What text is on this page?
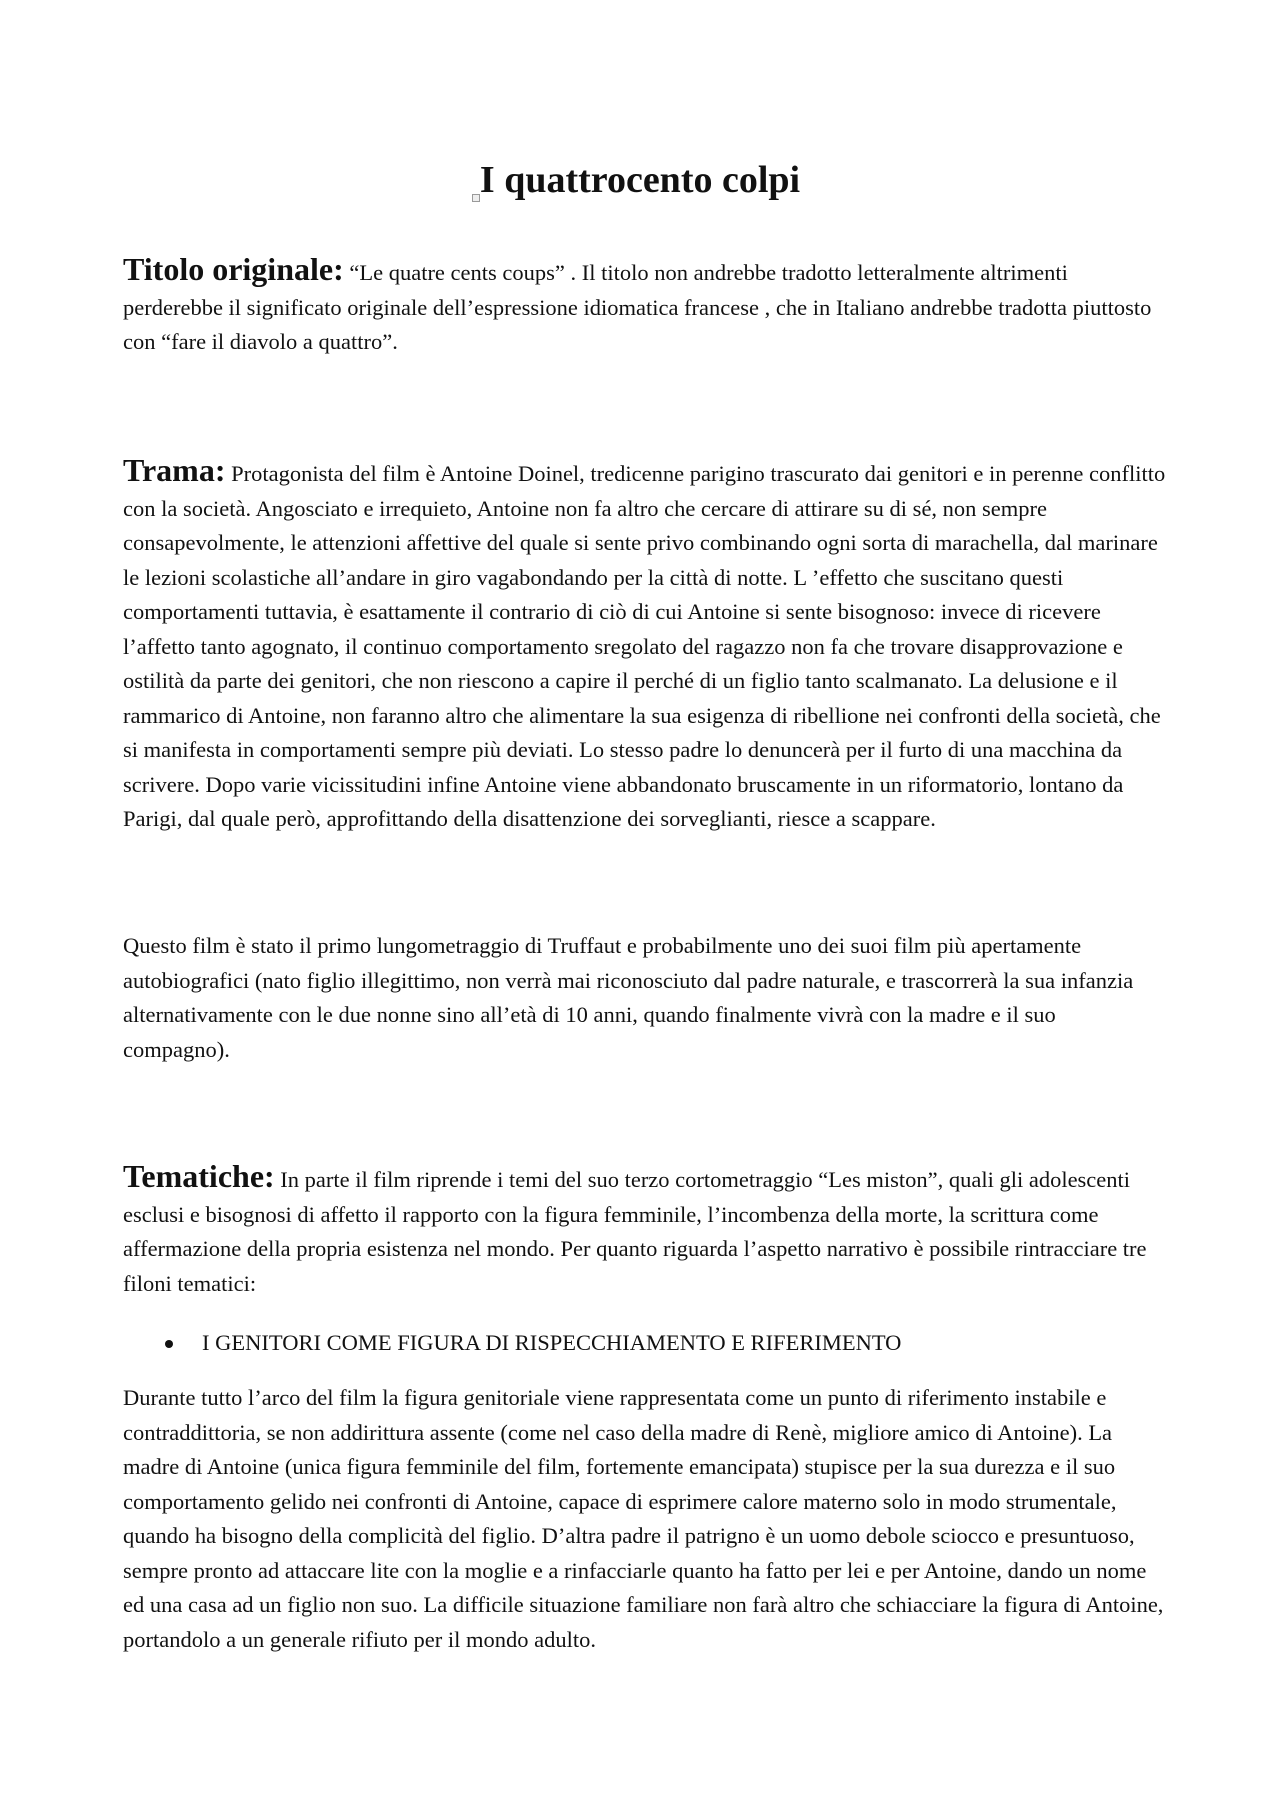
I quattrocento colpi

Titolo originale: “Le quatre cents coups” . Il titolo non andrebbe tradotto letteralmente altrimenti perderebbe il significato originale dell’espressione idiomatica francese , che in Italiano andrebbe tradotta piuttosto con “fare il diavolo a quattro”.

Trama: Protagonista del film è Antoine Doinel, tredicenne parigino trascurato dai genitori e in perenne conflitto con la società. Angosciato e irrequieto, Antoine non fa altro che cercare di attirare su di sé, non sempre consapevolmente, le attenzioni affettive del quale si sente privo combinando ogni sorta di marachella, dal marinare le lezioni scolastiche all’andare in giro vagabondando per la città di notte. L ’effetto che suscitano questi comportamenti tuttavia, è esattamente il contrario di ciò di cui Antoine si sente bisognoso: invece di ricevere l’affetto tanto agognato, il continuo comportamento sregolato del ragazzo non fa che trovare disapprovazione e ostilità da parte dei genitori, che non riescono a capire il perché di un figlio tanto scalmanato. La delusione e il rammarico di Antoine, non faranno altro che alimentare la sua esigenza di ribellione nei confronti della società, che si manifesta in comportamenti sempre più deviati. Lo stesso padre lo denuncerà per il furto di una macchina da scrivere. Dopo varie vicissitudini infine Antoine viene abbandonato bruscamente in un riformatorio, lontano da Parigi, dal quale però, approfittando della disattenzione dei sorveglianti, riesce a scappare.

Questo film è stato il primo lungometraggio di Truffaut e probabilmente uno dei suoi film più apertamente autobiografici (nato figlio illegittimo, non verrà mai riconosciuto dal padre naturale, e trascorrerà la sua infanzia alternativamente con le due nonne sino all’età di 10 anni, quando finalmente vivrà con la madre e il suo compagno).

Tematiche: In parte il film riprende i temi del suo terzo cortometraggio “Les miston”, quali gli adolescenti esclusi e bisognosi di affetto il rapporto con la figura femminile, l’incombenza della morte, la scrittura come affermazione della propria esistenza nel mondo. Per quanto riguarda l’aspetto narrativo è possibile rintracciare tre filoni tematici:

I GENITORI COME FIGURA DI RISPECCHIAMENTO E RIFERIMENTO

Durante tutto l’arco del film la figura genitoriale viene rappresentata come un punto di riferimento instabile e contraddittoria, se non addirittura assente (come nel caso della madre di Renè, migliore amico di Antoine). La madre di Antoine (unica figura femminile del film, fortemente emancipata) stupisce per la sua durezza e il suo comportamento gelido nei confronti di Antoine, capace di esprimere calore materno solo in modo strumentale, quando ha bisogno della complicità del figlio. D’altra padre il patrigno è un uomo debole sciocco e presuntuoso, sempre pronto ad attaccare lite con la moglie e a rinfacciarle quanto ha fatto per lei e per Antoine, dando un nome ed una casa ad un figlio non suo. La difficile situazione familiare non farà altro che schiacciare la figura di Antoine, portandolo a un generale rifiuto per il mondo adulto.
